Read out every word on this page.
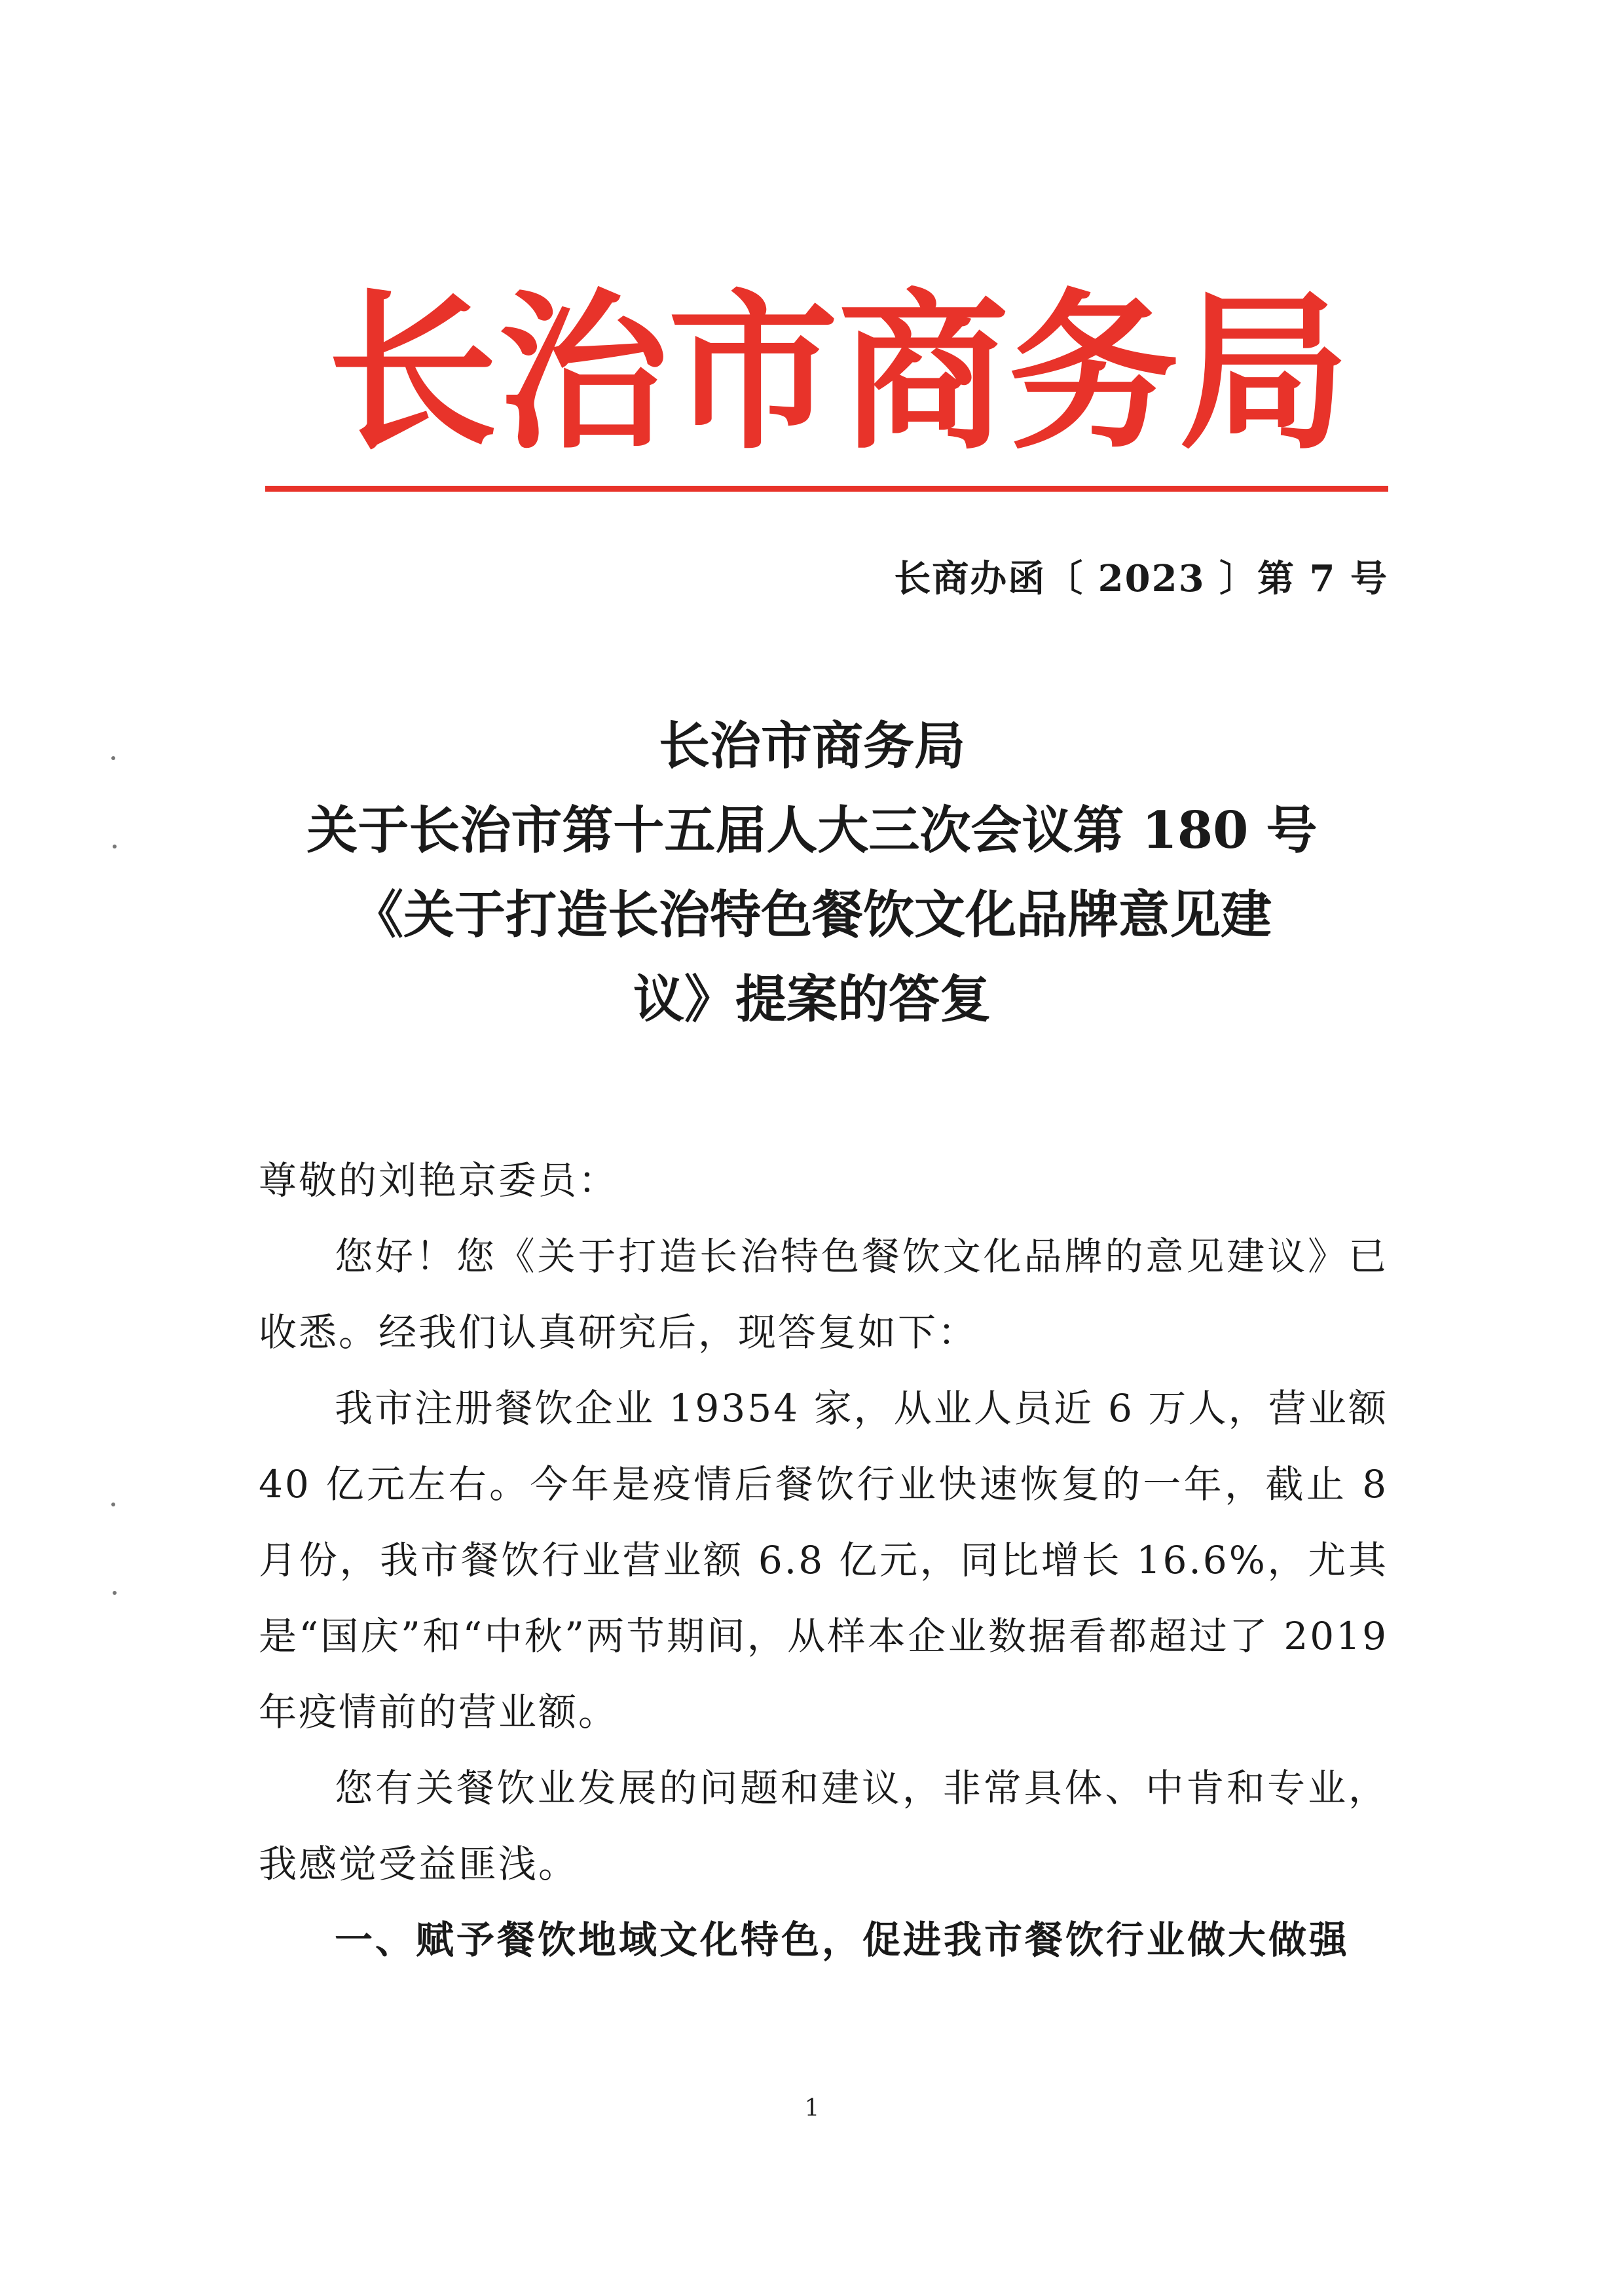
长 治 市 商 务 局
长商办函〔 2023 〕第 7 号
长治市商务局
关于长治市第十五届人大三次会议第 180 号
《关于打造长治特色餐饮文化品牌意见建
议》提案的答复

尊敬的刘艳京委员：

您好！您《关于打造长治特色餐饮文化品牌的意见建议》已收悉。经我们认真研究后，现答复如下：

我市注册餐饮企业 19354 家，从业人员近 6 万人，营业额 40 亿元左右。今年是疫情后餐饮行业快速恢复的一年，截止 8 月份，我市餐饮行业营业额 6.8 亿元，同比增长 16.6%，尤其是“国庆”和“中秋”两节期间，从样本企业数据看都超过了 2019 年疫情前的营业额。

您有关餐饮业发展的问题和建议，非常具体、中肯和专业，我感觉受益匪浅。

一、赋予餐饮地域文化特色，促进我市餐饮行业做大做强

1
